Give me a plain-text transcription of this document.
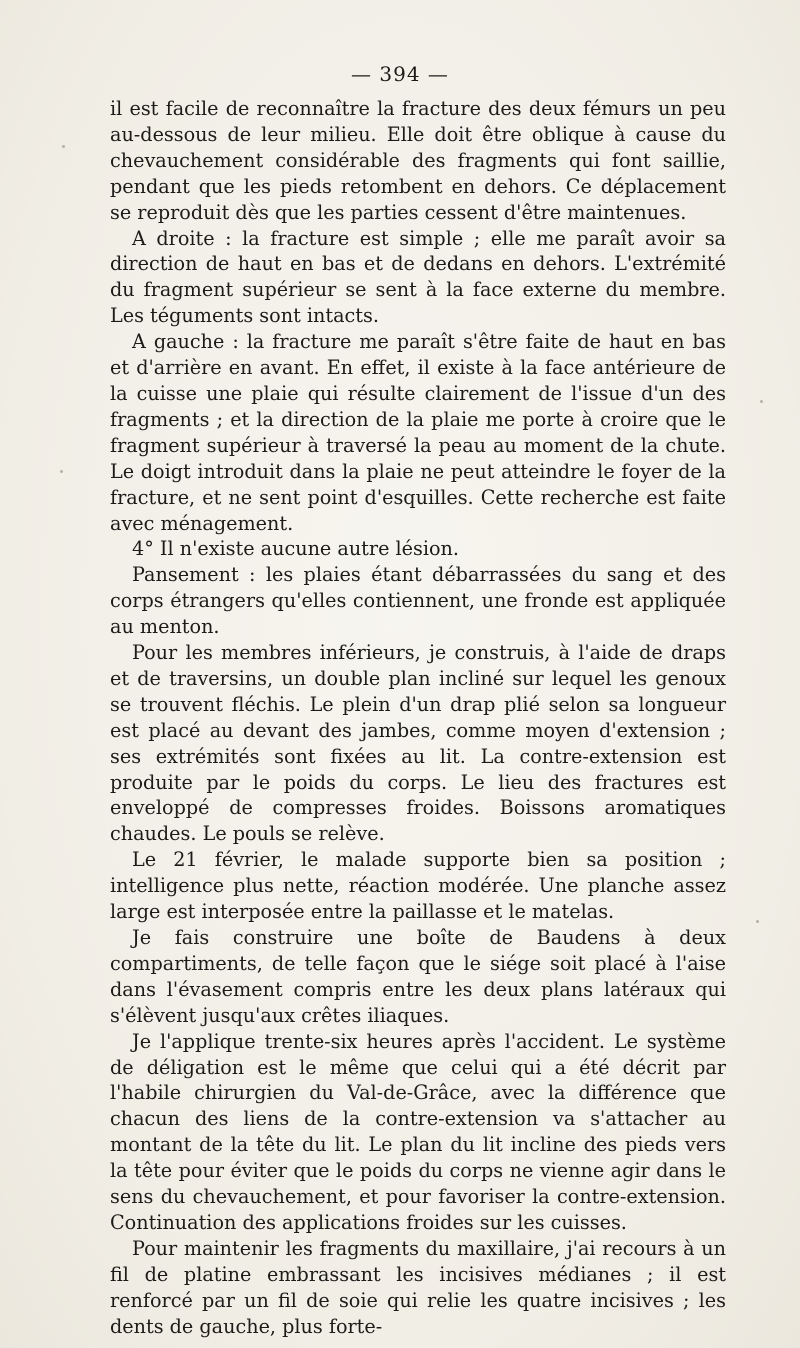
— 394 —

il est facile de reconnaître la fracture des deux fémurs un peu au-dessous de leur milieu. Elle doit être oblique à cause du chevauchement considérable des fragments qui font saillie, pendant que les pieds retombent en dehors. Ce déplacement se reproduit dès que les parties cessent d'être maintenues.

A droite : la fracture est simple ; elle me paraît avoir sa direction de haut en bas et de dedans en dehors. L'extrémité du fragment supérieur se sent à la face externe du membre. Les téguments sont intacts.

A gauche : la fracture me paraît s'être faite de haut en bas et d'arrière en avant. En effet, il existe à la face antérieure de la cuisse une plaie qui résulte clairement de l'issue d'un des fragments ; et la direction de la plaie me porte à croire que le fragment supérieur à traversé la peau au moment de la chute. Le doigt introduit dans la plaie ne peut atteindre le foyer de la fracture, et ne sent point d'esquilles. Cette recherche est faite avec ménagement.

4° Il n'existe aucune autre lésion.

Pansement : les plaies étant débarrassées du sang et des corps étrangers qu'elles contiennent, une fronde est appliquée au menton.

Pour les membres inférieurs, je construis, à l'aide de draps et de traversins, un double plan incliné sur lequel les genoux se trouvent fléchis. Le plein d'un drap plié selon sa longueur est placé au devant des jambes, comme moyen d'extension ; ses extrémités sont fixées au lit. La contre-extension est produite par le poids du corps. Le lieu des fractures est enveloppé de compresses froides. Boissons aromatiques chaudes. Le pouls se relève.

Le 21 février, le malade supporte bien sa position ; intelligence plus nette, réaction modérée. Une planche assez large est interposée entre la paillasse et le matelas.

Je fais construire une boîte de Baudens à deux compartiments, de telle façon que le siége soit placé à l'aise dans l'évasement compris entre les deux plans latéraux qui s'élèvent jusqu'aux crêtes iliaques.

Je l'applique trente-six heures après l'accident. Le système de déligation est le même que celui qui a été décrit par l'habile chirurgien du Val-de-Grâce, avec la différence que chacun des liens de la contre-extension va s'attacher au montant de la tête du lit. Le plan du lit incline des pieds vers la tête pour éviter que le poids du corps ne vienne agir dans le sens du chevauchement, et pour favoriser la contre-extension. Continuation des applications froides sur les cuisses.

Pour maintenir les fragments du maxillaire, j'ai recours à un fil de platine embrassant les incisives médianes ; il est renforcé par un fil de soie qui relie les quatre incisives ; les dents de gauche, plus forte-
